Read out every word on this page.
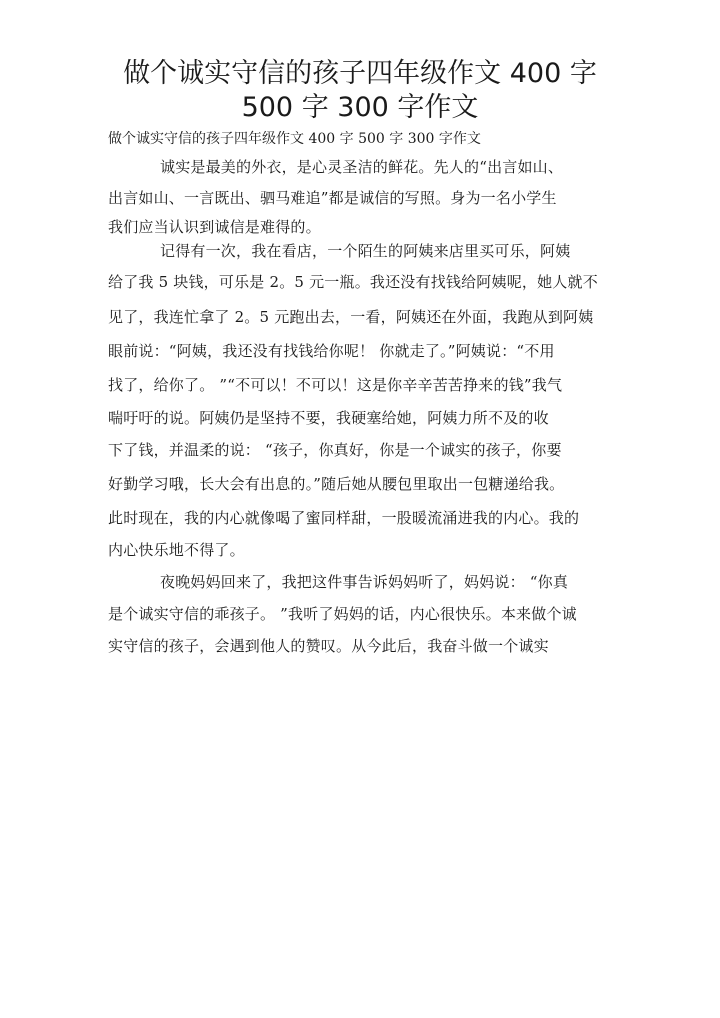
做个诚实守信的孩子四年级作文 400 字
500 字 300 字作文
做个诚实守信的孩子四年级作文 400 字 500 字 300 字作文
诚实是最美的外衣，是心灵圣洁的鲜花。先人的“出言如山、
出言如山、一言既出、驷马难追”都是诚信的写照。身为一名小学生
我们应当认识到诚信是难得的。
记得有一次，我在看店，一个陌生的阿姨来店里买可乐，阿姨
给了我 5 块钱，可乐是 2。5 元一瓶。我还没有找钱给阿姨呢，她人就不
见了，我连忙拿了 2。5 元跑出去，一看，阿姨还在外面，我跑从到阿姨
眼前说：“阿姨，我还没有找钱给你呢！ 你就走了。”阿姨说：“不用
找了，给你了。 ”“不可以！不可以！这是你辛辛苦苦挣来的钱”我气
喘吁吁的说。阿姨仍是坚持不要，我硬塞给她，阿姨力所不及的收
下了钱，并温柔的说： “孩子，你真好，你是一个诚实的孩子，你要
好勤学习哦，长大会有出息的。”随后她从腰包里取出一包糖递给我。
此时现在，我的内心就像喝了蜜同样甜，一股暖流涌进我的内心。我的
内心快乐地不得了。
夜晚妈妈回来了，我把这件事告诉妈妈听了，妈妈说： “你真
是个诚实守信的乖孩子。 ”我听了妈妈的话，内心很快乐。本来做个诚
实守信的孩子，会遇到他人的赞叹。从今此后，我奋斗做一个诚实
